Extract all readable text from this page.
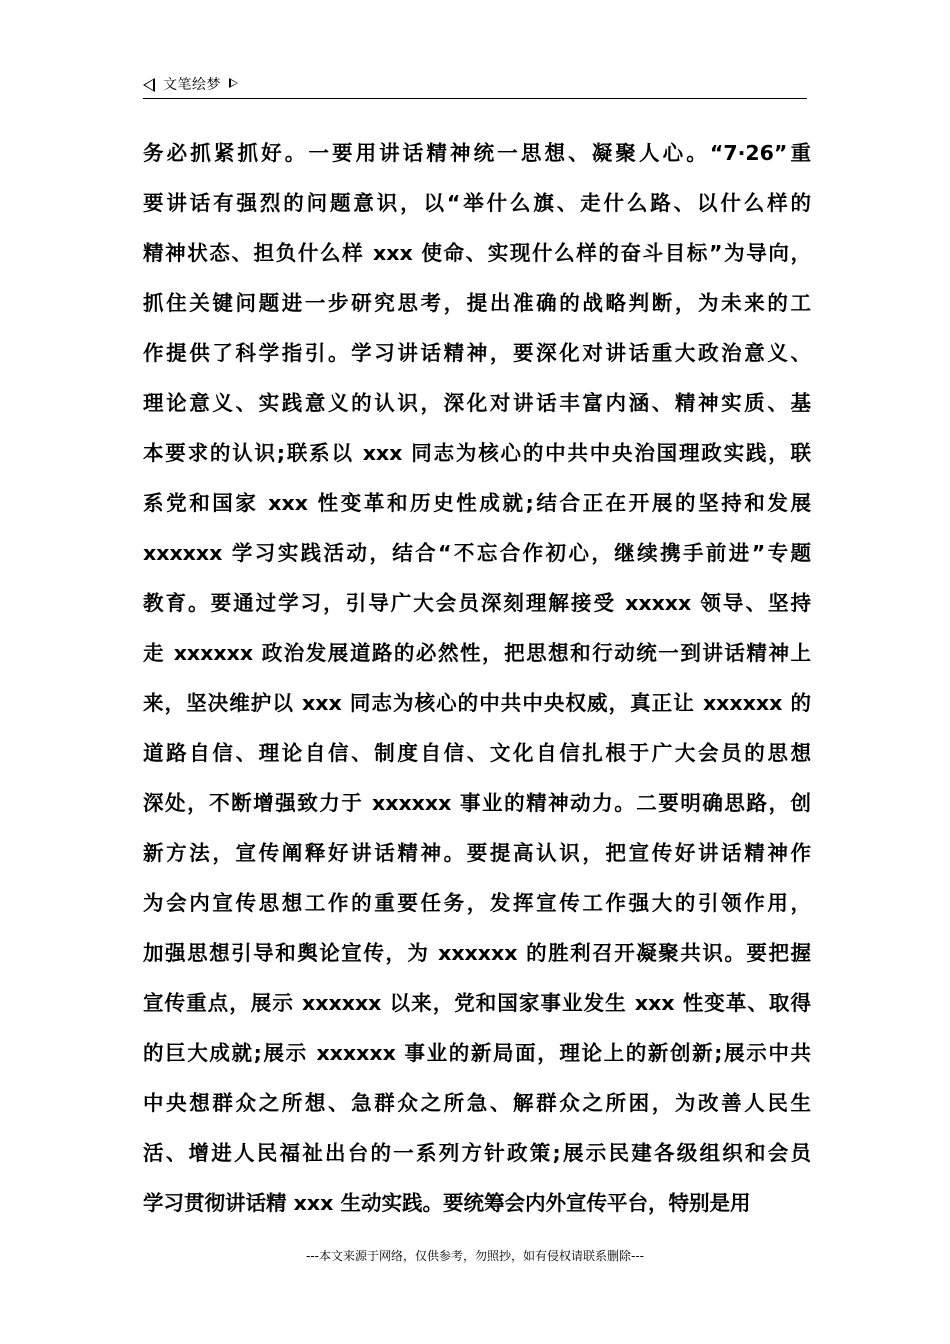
文笔绘梦
务必抓紧抓好。一要用讲话精神统一思想、凝聚人心。“7·26”重
要讲话有强烈的问题意识，以“举什么旗、走什么路、以什么样的
精神状态、担负什么样 xxx 使命、实现什么样的奋斗目标”为导向，
抓住关键问题进一步研究思考，提出准确的战略判断，为未来的工
作提供了科学指引。学习讲话精神，要深化对讲话重大政治意义、
理论意义、实践意义的认识，深化对讲话丰富内涵、精神实质、基
本要求的认识;联系以 xxx 同志为核心的中共中央治国理政实践，联
系党和国家 xxx 性变革和历史性成就;结合正在开展的坚持和发展
xxxxxx 学习实践活动，结合“不忘合作初心，继续携手前进”专题
教育。要通过学习，引导广大会员深刻理解接受 xxxxx 领导、坚持
走 xxxxxx 政治发展道路的必然性，把思想和行动统一到讲话精神上
来，坚决维护以 xxx 同志为核心的中共中央权威，真正让 xxxxxx 的
道路自信、理论自信、制度自信、文化自信扎根于广大会员的思想
深处，不断增强致力于 xxxxxx 事业的精神动力。二要明确思路，创
新方法，宣传阐释好讲话精神。要提高认识，把宣传好讲话精神作
为会内宣传思想工作的重要任务，发挥宣传工作强大的引领作用，
加强思想引导和舆论宣传，为 xxxxxx 的胜利召开凝聚共识。要把握
宣传重点，展示 xxxxxx 以来，党和国家事业发生 xxx 性变革、取得
的巨大成就;展示 xxxxxx 事业的新局面，理论上的新创新;展示中共
中央想群众之所想、急群众之所急、解群众之所困，为改善人民生
活、增进人民福祉出台的一系列方针政策;展示民建各级组织和会员
学习贯彻讲话精 xxx 生动实践。要统筹会内外宣传平台，特别是用
---本文来源于网络，仅供参考，勿照抄，如有侵权请联系删除---
